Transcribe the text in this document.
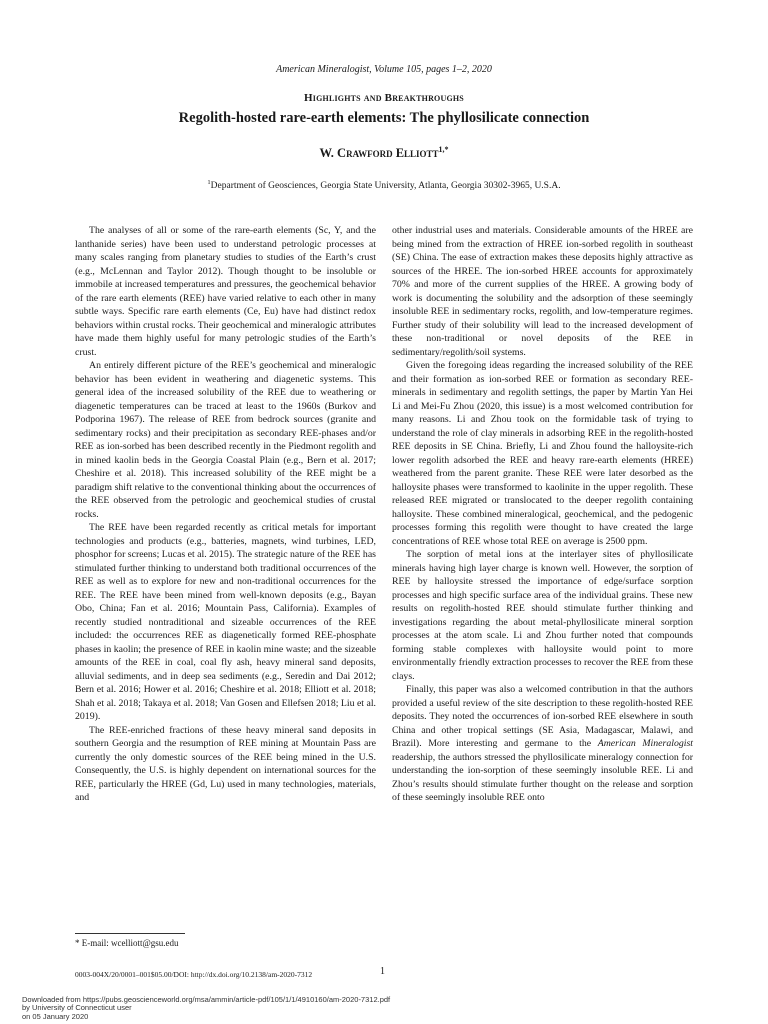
American Mineralogist, Volume 105, pages 1–2, 2020
Highlights and Breakthroughs
Regolith-hosted rare-earth elements: The phyllosilicate connection
W. Crawford Elliott$^{1,*}$
$^1$Department of Geosciences, Georgia State University, Atlanta, Georgia 30302-3965, U.S.A.

The analyses of all or some of the rare-earth elements (Sc, Y, and the lanthanide series) have been used to understand petrologic processes at many scales ranging from planetary studies to studies of the Earth’s crust (e.g., McLennan and Taylor 2012). Though thought to be insoluble or immobile at increased temperatures and pressures, the geochemical behavior of the rare earth elements (REE) have varied relative to each other in many subtle ways. Specific rare earth elements (Ce, Eu) have had distinct redox behaviors within crustal rocks. Their geochemical and mineralogic attributes have made them highly useful for many petrologic studies of the Earth’s crust.

An entirely different picture of the REE’s geochemical and mineralogic behavior has been evident in weathering and diagenetic systems. This general idea of the increased solubility of the REE due to weathering or diagenetic temperatures can be traced at least to the 1960s (Burkov and Podporina 1967). The release of REE from bedrock sources (granite and sedimentary rocks) and their precipitation as secondary REE-phases and/or REE as ion-sorbed has been described recently in the Piedmont regolith and in mined kaolin beds in the Georgia Coastal Plain (e.g., Bern et al. 2017; Cheshire et al. 2018). This increased solubility of the REE might be a paradigm shift relative to the conventional thinking about the occurrences of the REE observed from the petrologic and geochemical studies of crustal rocks.

The REE have been regarded recently as critical metals for important technologies and products (e.g., batteries, magnets, wind turbines, LED, phosphor for screens; Lucas et al. 2015). The strategic nature of the REE has stimulated further thinking to understand both traditional occurrences of the REE as well as to explore for new and non-traditional occurrences for the REE. The REE have been mined from well-known deposits (e.g., Bayan Obo, China; Fan et al. 2016; Mountain Pass, California). Examples of recently studied nontraditional and sizeable occurrences of the REE included: the occurrences REE as diagenetically formed REE-phosphate phases in kaolin; the presence of REE in kaolin mine waste; and the sizeable amounts of the REE in coal, coal fly ash, heavy mineral sand deposits, alluvial sediments, and in deep sea sediments (e.g., Seredin and Dai 2012; Bern et al. 2016; Hower et al. 2016; Cheshire et al. 2018; Elliott et al. 2018; Shah et al. 2018; Takaya et al. 2018; Van Gosen and Ellefsen 2018; Liu et al. 2019).

The REE-enriched fractions of these heavy mineral sand deposits in southern Georgia and the resumption of REE mining at Mountain Pass are currently the only domestic sources of the REE being mined in the U.S. Consequently, the U.S. is highly dependent on international sources for the REE, particularly the HREE (Gd, Lu) used in many technologies, materials, and

other industrial uses and materials. Considerable amounts of the HREE are being mined from the extraction of HREE ion-sorbed regolith in southeast (SE) China. The ease of extraction makes these deposits highly attractive as sources of the HREE. The ion-sorbed HREE accounts for approximately 70% and more of the current supplies of the HREE. A growing body of work is documenting the solubility and the adsorption of these seemingly insoluble REE in sedimentary rocks, regolith, and low-temperature regimes. Further study of their solubility will lead to the increased development of these non-traditional or novel deposits of the REE in sedimentary/regolith/soil systems.

Given the foregoing ideas regarding the increased solubility of the REE and their formation as ion-sorbed REE or formation as secondary REE-minerals in sedimentary and regolith settings, the paper by Martin Yan Hei Li and Mei-Fu Zhou (2020, this issue) is a most welcomed contribution for many reasons. Li and Zhou took on the formidable task of trying to understand the role of clay minerals in adsorbing REE in the regolith-hosted REE deposits in SE China. Briefly, Li and Zhou found the halloysite-rich lower regolith adsorbed the REE and heavy rare-earth elements (HREE) weathered from the parent granite. These REE were later desorbed as the halloysite phases were transformed to kaolinite in the upper regolith. These released REE migrated or translocated to the deeper regolith containing halloysite. These combined mineralogical, geochemical, and the pedogenic processes forming this regolith were thought to have created the large concentrations of REE whose total REE on average is 2500 ppm.

The sorption of metal ions at the interlayer sites of phyllosilicate minerals having high layer charge is known well. However, the sorption of REE by halloysite stressed the importance of edge/surface sorption processes and high specific surface area of the individual grains. These new results on regolith-hosted REE should stimulate further thinking and investigations regarding the about metal-phyllosilicate mineral sorption processes at the atom scale. Li and Zhou further noted that compounds forming stable complexes with halloysite would point to more environmentally friendly extraction processes to recover the REE from these clays.

Finally, this paper was also a welcomed contribution in that the authors provided a useful review of the site description to these regolith-hosted REE deposits. They noted the occurrences of ion-sorbed REE elsewhere in south China and other tropical settings (SE Asia, Madagascar, Malawi, and Brazil). More interesting and germane to the American Mineralogist readership, the authors stressed the phyllosilicate mineralogy connection for understanding the ion-sorption of these seemingly insoluble REE. Li and Zhou’s results should stimulate further thought on the release and sorption of these seemingly insoluble REE onto

* E-mail: wcelliott@gsu.edu
0003-004X/20/0001–001$05.00/DOI: http://dx.doi.org/10.2138/am-2020-7312	1
Downloaded from https://pubs.geoscienceworld.org/msa/ammin/article-pdf/105/1/1/4910160/am-2020-7312.pdf
by University of Connecticut user
on 05 January 2020
